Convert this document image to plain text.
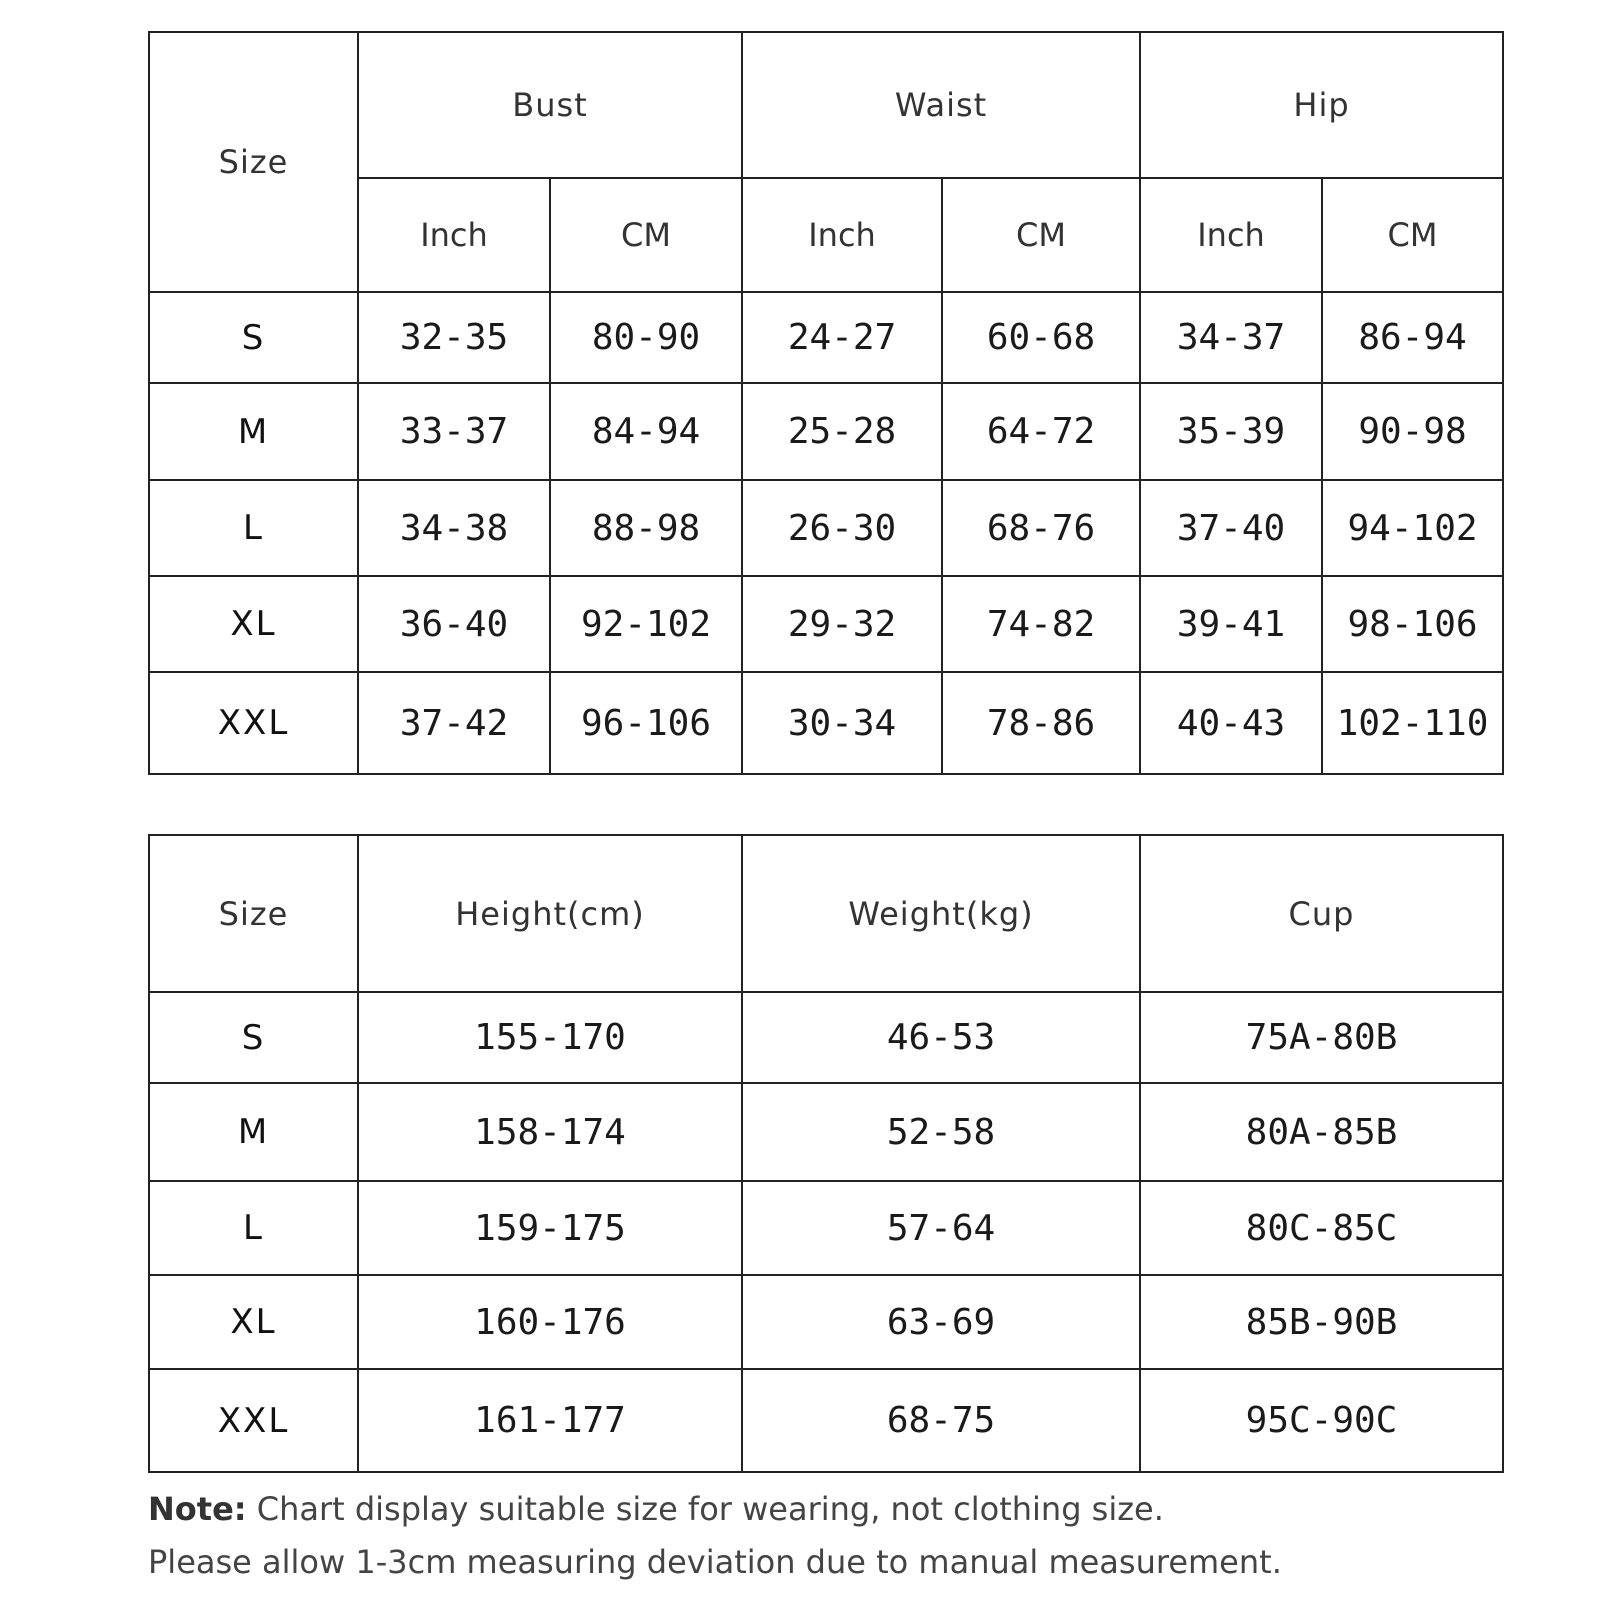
Size	Bust		Waist		Hip	
	Inch	CM	Inch	CM	Inch	CM
S	32-35	80-90	24-27	60-68	34-37	86-94
M	33-37	84-94	25-28	64-72	35-39	90-98
L	34-38	88-98	26-30	68-76	37-40	94-102
XL	36-40	92-102	29-32	74-82	39-41	98-106
XXL	37-42	96-106	30-34	78-86	40-43	102-110
Size	Height(cm)	Weight(kg)	Cup
S	155-170	46-53	75A-80B
M	158-174	52-58	80A-85B
L	159-175	57-64	80C-85C
XL	160-176	63-69	85B-90B
XXL	161-177	68-75	95C-90C
Note: Chart display suitable size for wearing, not clothing size.
Please allow 1-3cm measuring deviation due to manual measurement.
